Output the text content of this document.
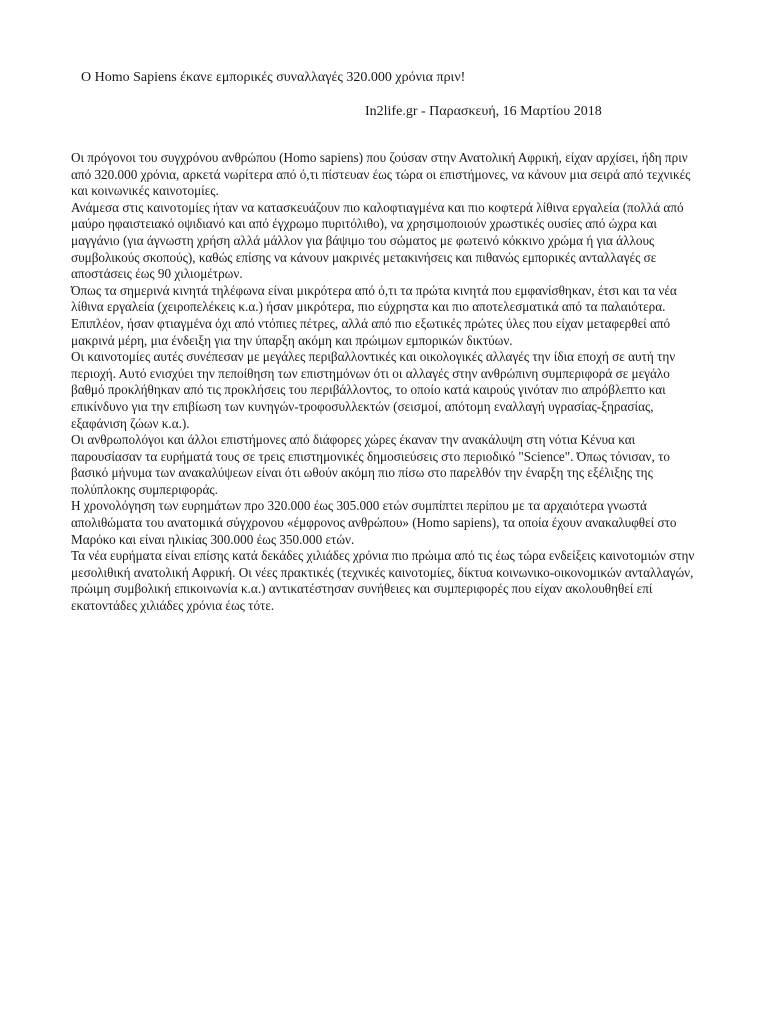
O Homo Sapiens έκανε εμπορικές συναλλαγές 320.000 χρόνια πριν!
In2life.gr - Παρασκευή, 16 Μαρτίου 2018

Οι πρόγονοι του συγχρόνου ανθρώπου (Homo sapiens) που ζούσαν στην Ανατολική Αφρική, είχαν αρχίσει, ήδη πριν από 320.000 χρόνια, αρκετά νωρίτερα από ό,τι πίστευαν έως τώρα οι επιστήμονες, να κάνουν μια σειρά από τεχνικές και κοινωνικές καινοτομίες.

Ανάμεσα στις καινοτομίες ήταν να κατασκευάζουν πιο καλοφτιαγμένα και πιο κοφτερά λίθινα εργαλεία (πολλά από μαύρο ηφαιστειακό οψιδιανό και από έγχρωμο πυριτόλιθο), να χρησιμοποιούν χρωστικές ουσίες από ώχρα και μαγγάνιο (για άγνωστη χρήση αλλά μάλλον για βάψιμο του σώματος με φωτεινό κόκκινο χρώμα ή για άλλους συμβολικούς σκοπούς), καθώς επίσης να κάνουν μακρινές μετακινήσεις και πιθανώς εμπορικές ανταλλαγές σε αποστάσεις έως 90 χιλιομέτρων.

Όπως τα σημερινά κινητά τηλέφωνα είναι μικρότερα από ό,τι τα πρώτα κινητά που εμφανίσθηκαν, έτσι και τα νέα λίθινα εργαλεία (χειροπελέκεις κ.α.) ήσαν μικρότερα, πιο εύχρηστα και πιο αποτελεσματικά από τα παλαιότερα. Επιπλέον, ήσαν φτιαγμένα όχι από ντόπιες πέτρες, αλλά από πιο εξωτικές πρώτες ύλες που είχαν μεταφερθεί από μακρινά μέρη, μια ένδειξη για την ύπαρξη ακόμη και πρώιμων εμπορικών δικτύων.

Οι καινοτομίες αυτές συνέπεσαν με μεγάλες περιβαλλοντικές και οικολογικές αλλαγές την ίδια εποχή σε αυτή την περιοχή. Αυτό ενισχύει την πεποίθηση των επιστημόνων ότι οι αλλαγές στην ανθρώπινη συμπεριφορά σε μεγάλο βαθμό προκλήθηκαν από τις προκλήσεις του περιβάλλοντος, το οποίο κατά καιρούς γινόταν πιο απρόβλεπτο και επικίνδυνο για την επιβίωση των κυνηγών-τροφοσυλλεκτών (σεισμοί, απότομη εναλλαγή υγρασίας-ξηρασίας, εξαφάνιση ζώων κ.α.).

Οι ανθρωπολόγοι και άλλοι επιστήμονες από διάφορες χώρες έκαναν την ανακάλυψη στη νότια Κένυα και παρουσίασαν τα ευρήματά τους σε τρεις επιστημονικές δημοσιεύσεις στο περιοδικό "Science". Όπως τόνισαν, το βασικό μήνυμα των ανακαλύψεων είναι ότι ωθούν ακόμη πιο πίσω στο παρελθόν την έναρξη της εξέλιξης της πολύπλοκης συμπεριφοράς.

Η χρονολόγηση των ευρημάτων προ 320.000 έως 305.000 ετών συμπίπτει περίπου με τα αρχαιότερα γνωστά απολιθώματα του ανατομικά σύγχρονου «έμφρονος ανθρώπου» (Homo sapiens), τα οποία έχουν ανακαλυφθεί στο Μαρόκο και είναι ηλικίας 300.000 έως 350.000 ετών.

Τα νέα ευρήματα είναι επίσης κατά δεκάδες χιλιάδες χρόνια πιο πρώιμα από τις έως τώρα ενδείξεις καινοτομιών στην μεσολιθική ανατολική Αφρική. Οι νέες πρακτικές (τεχνικές καινοτομίες, δίκτυα κοινωνικο-οικονομικών ανταλλαγών, πρώιμη συμβολική επικοινωνία κ.α.) αντικατέστησαν συνήθειες και συμπεριφορές που είχαν ακολουθηθεί επί εκατοντάδες χιλιάδες χρόνια έως τότε.
